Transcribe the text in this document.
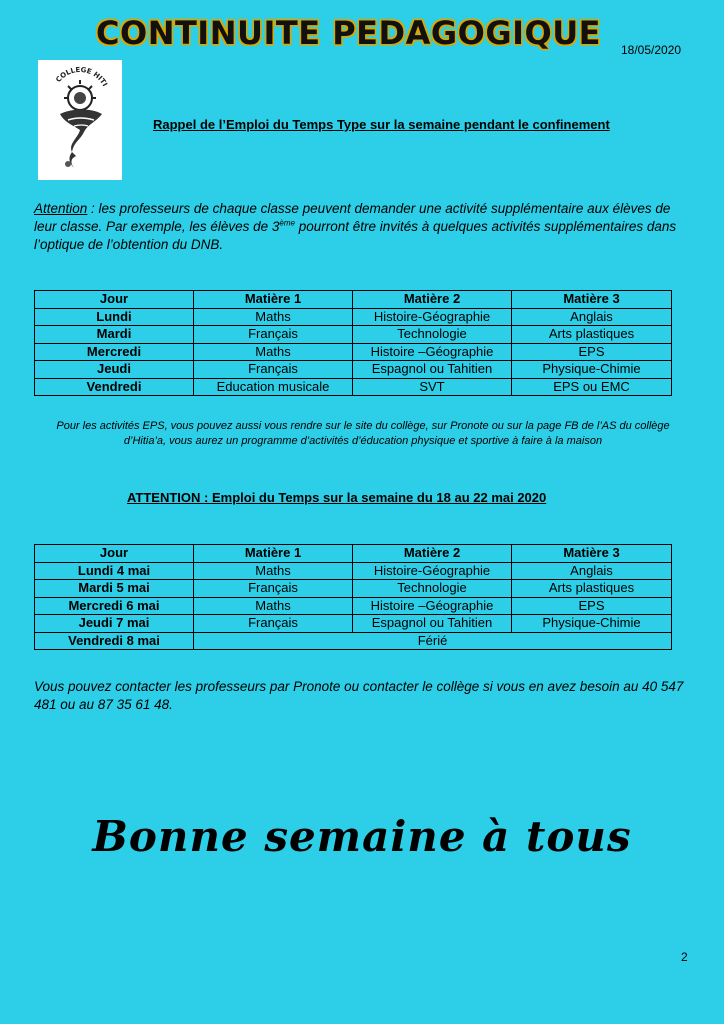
CONTINUITE PEDAGOGIQUE	18/05/2020
COLLEGE HITI
Rappel de l’Emploi du Temps Type sur la semaine pendant le confinement
Attention : les professeurs de chaque classe peuvent demander une activité supplémentaire aux élèves de leur classe. Par exemple, les élèves de 3ème pourront être invités à quelques activités supplémentaires dans l’optique de l’obtention du DNB.
Jour	Matière 1	Matière 2	Matière 3
Lundi	Maths	Histoire-Géographie	Anglais
Mardi	Français	Technologie	Arts plastiques
Mercredi	Maths	Histoire –Géographie	EPS
Jeudi	Français	Espagnol ou Tahitien	Physique-Chimie
Vendredi	Education musicale	SVT	EPS ou EMC
Pour les activités EPS, vous pouvez aussi vous rendre sur le site du collège, sur Pronote ou sur la page FB de l’AS du collège d’Hitia’a, vous aurez un programme d’activités d’éducation physique et sportive à faire à la maison
ATTENTION : Emploi du Temps sur la semaine du 18 au 22 mai 2020
Jour	Matière 1	Matière 2	Matière 3
Lundi 4 mai	Maths	Histoire-Géographie	Anglais
Mardi 5 mai	Français	Technologie	Arts plastiques
Mercredi 6 mai	Maths	Histoire –Géographie	EPS
Jeudi 7 mai	Français	Espagnol ou Tahitien	Physique-Chimie
Vendredi 8 mai	Férié		
Vous pouvez contacter les professeurs par Pronote ou contacter le collège si vous en avez besoin au 40 547 481 ou au 87 35 61 48.
Bonne semaine à tous
2
